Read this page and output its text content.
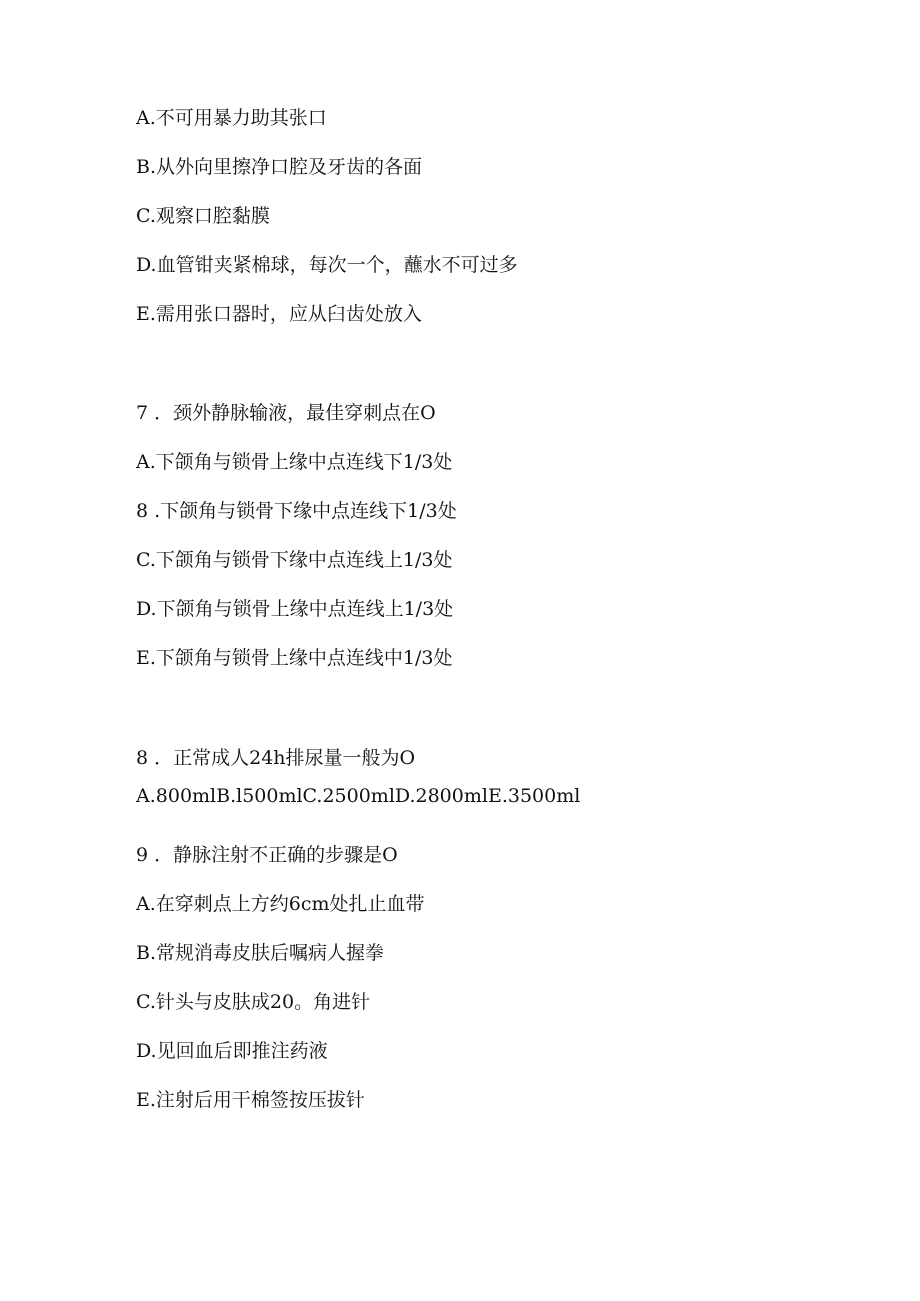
A.不可用暴力助其张口
B.从外向里擦净口腔及牙齿的各面
C.观察口腔黏膜
D.血管钳夹紧棉球，每次一个，蘸水不可过多
E.需用张口器时，应从臼齿处放入
7 ．颈外静脉输液，最佳穿刺点在O
A.下颌角与锁骨上缘中点连线下1/3处
8 .下颌角与锁骨下缘中点连线下1/3处
C.下颌角与锁骨下缘中点连线上1/3处
D.下颌角与锁骨上缘中点连线上1/3处
E.下颌角与锁骨上缘中点连线中1/3处
8 ．正常成人24h排尿量一般为O
A.800mlB.l500mlC.2500mlD.2800mlE.3500ml
9 ．静脉注射不正确的步骤是O
A.在穿刺点上方约6cm处扎止血带
B.常规消毒皮肤后嘱病人握拳
C.针头与皮肤成20。角进针
D.见回血后即推注药液
E.注射后用干棉签按压拔针
